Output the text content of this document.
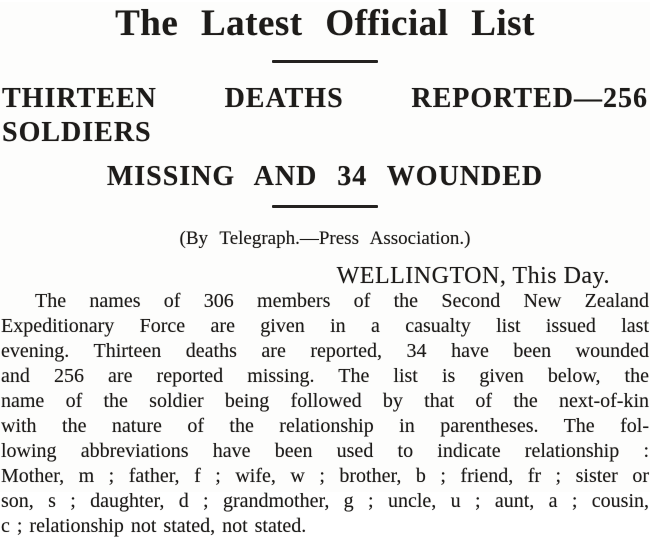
The Latest Official List
THIRTEEN DEATHS REPORTED—256 SOLDIERS
MISSING AND 34 WOUNDED

(By Telegraph.—Press Association.)

WELLINGTON, This Day.

The names of 306 members of the Second New Zealand
Expeditionary Force are given in a casualty list issued last
evening. Thirteen deaths are reported, 34 have been wounded
and 256 are reported missing. The list is given below, the
name of the soldier being followed by that of the next-of-kin
with the nature of the relationship in parentheses. The fol-
lowing abbreviations have been used to indicate relationship :
Mother, m ; father, f ; wife, w ; brother, b ; friend, fr ; sister or
son, s ; daughter, d ; grandmother, g ; uncle, u ; aunt, a ; cousin,
c ; relationship not stated, not stated.
